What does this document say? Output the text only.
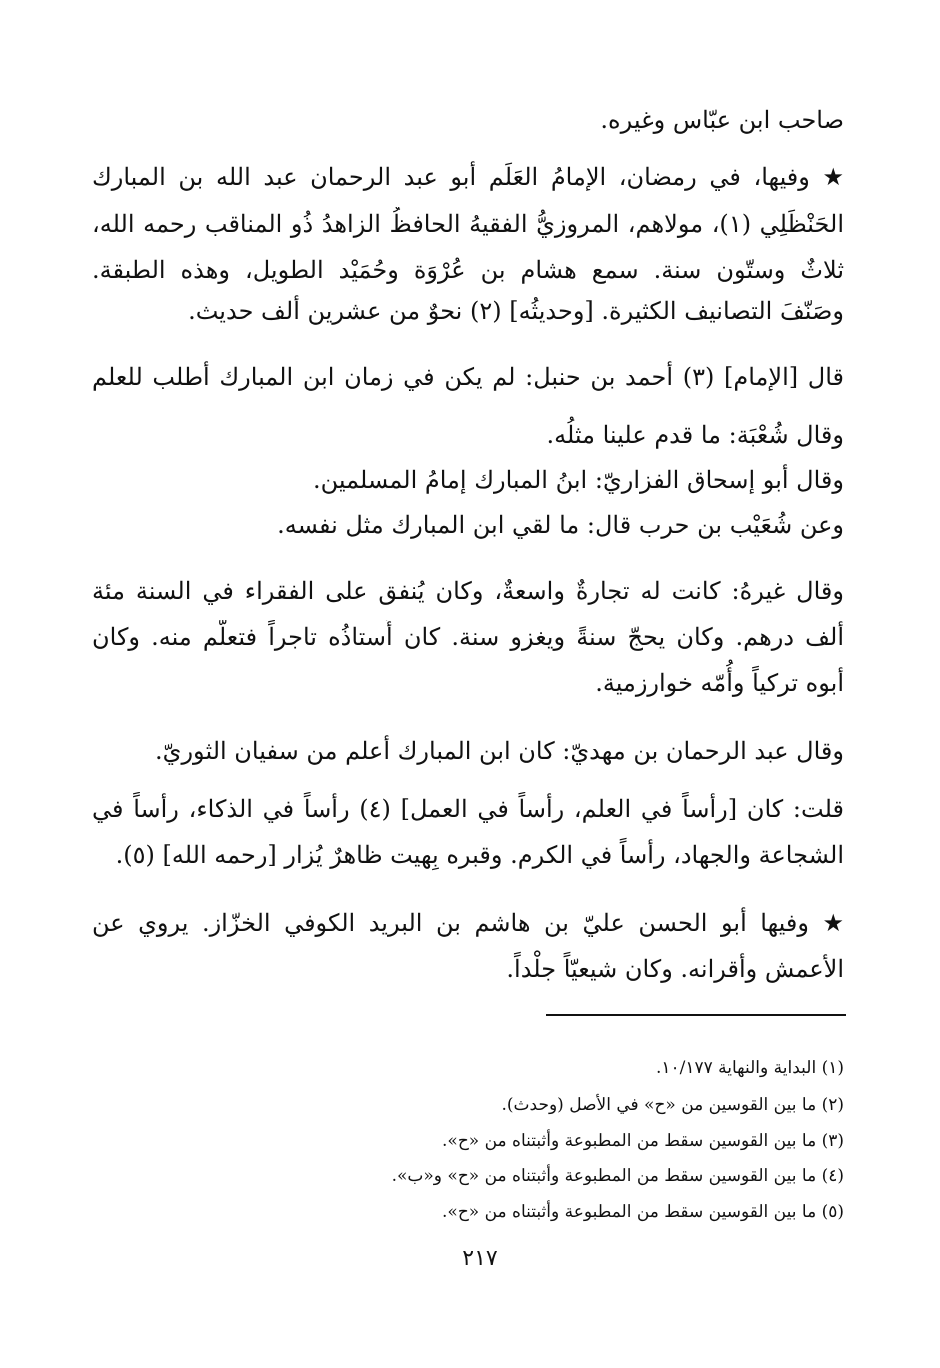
صاحب ابن عبّاس وغيره.
★ وفيها، في رمضان، الإمامُ العَلَم أبو عبد الرحمان عبد الله بن المبارك
الحَنْظَلِي (١)، مولاهم، المروزيُّ الفقيهُ الحافظُ الزاهدُ ذُو المناقب رحمه الله،
ثلاثٌ وستّون سنة. سمع هشام بن عُرْوَة وحُمَيْد الطويل، وهذه الطبقة.
وصَنّفَ التصانيف الكثيرة. [وحديثُه] (٢) نحوٌ من عشرين ألف حديث.
قال [الإمام] (٣) أحمد بن حنبل: لم يكن في زمان ابن المبارك أطلب للعلم
وقال شُعْبَة: ما قدم علينا مثلُه.
وقال أبو إسحاق الفزاريّ: ابنُ المبارك إمامُ المسلمين.
وعن شُعَيْب بن حرب قال: ما لقي ابن المبارك مثل نفسه.
وقال غيرهُ: كانت له تجارةٌ واسعةٌ، وكان يُنفق على الفقراء في السنة مئة
ألف درهم. وكان يحجّ سنةً ويغزو سنة. كان أُستاذُه تاجراً فتعلّم منه. وكان
أبوه تركياً وأُمّه خوارزمية.
وقال عبد الرحمان بن مهديّ: كان ابن المبارك أعلم من سفيان الثوريّ.
قلت: كان [رأساً في العلم، رأساً في العمل] (٤) رأساً في الذكاء، رأساً في
الشجاعة والجهاد، رأساً في الكرم. وقبره بِهيت ظاهرٌ يُزار [رحمه الله] (٥).
★ وفيها أبو الحسن عليّ بن هاشم بن البريد الكوفي الخزّاز. يروي عن
الأعمش وأقرانه. وكان شيعيّاً جلْداً.
(١) البداية والنهاية ١٠/١٧٧.
(٢) ما بين القوسين من «ح» في الأصل (وحدث).
(٣) ما بين القوسين سقط من المطبوعة وأثبتناه من «ح».
(٤) ما بين القوسين سقط من المطبوعة وأثبتناه من «ح» و«ب».
(٥) ما بين القوسين سقط من المطبوعة وأثبتناه من «ح».
٢١٧
